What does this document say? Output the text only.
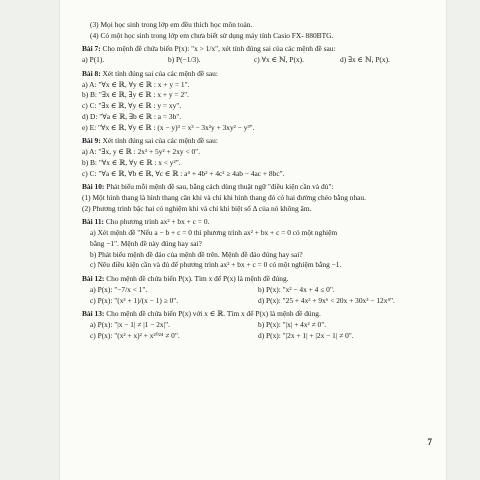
(3) Mọi học sinh trong lớp em đều thích học môn toán.
(4) Có một học sinh trong lớp em chưa biết sử dụng máy tính Casio FX- 880BTG.
Bài 7: Cho mệnh đề chứa biến P(x): "x > 1/x", xét tính đúng sai của các mệnh đề sau:
a) P(1).	b) P(−1/3).	c) ∀x ∈ ℕ, P(x).	d) ∃x ∈ ℕ, P(x).
Bài 8: Xét tính đúng sai của các mệnh đề sau:
a) A: "∀x ∈ ℝ, ∀y ∈ ℝ : x + y = 1".
b) B: "∃x ∈ ℝ, ∃y ∈ ℝ : x + y = 2".
c) C: "∃x ∈ ℝ, ∀y ∈ ℝ : y = xy".
d) D: "∀a ∈ ℝ, ∃b ∈ ℝ : a = 3b".
e) E: "∀x ∈ ℝ, ∀y ∈ ℝ : (x − y)³ = x³ − 3x²y + 3xy² − y³".
Bài 9: Xét tính đúng sai của các mệnh đề sau:
a) A: "∃x, y ∈ ℝ : 2x² + 5y² + 2xy < 0".
b) B: "∀x ∈ ℝ, ∀y ∈ ℝ : x < y²".
c) C: "∀a ∈ ℝ, ∀b ∈ ℝ, ∀c ∈ ℝ : a⁴ + 4b² + 4c² ≥ 4ab − 4ac + 8bc".
Bài 10: Phát biểu mỗi mệnh đề sau, bằng cách dùng thuật ngữ "điều kiện cần và đủ":
(1) Một hình thang là hình thang cân khi và chỉ khi hình thang đó có hai đường chéo bằng nhau.
(2) Phương trình bậc hai có nghiệm khi và chỉ khi biệt số Δ của nó không âm.
Bài 11: Cho phương trình ax² + bx + c = 0.
a) Xét mệnh đề "Nếu a − b + c = 0 thì phương trình ax² + bx + c = 0 có một nghiệm
bằng −1". Mệnh đề này đúng hay sai?
b) Phát biểu mệnh đề đảo của mệnh đề trên. Mệnh đề đảo đúng hay sai?
c) Nêu điều kiện cần và đủ để phương trình ax² + bx + c = 0 có một nghiệm bằng −1.
Bài 12: Cho mệnh đề chứa biến P(x). Tìm x để P(x) là mệnh đề đúng.
a) P(x): "−7/x < 1".	b) P(x): "x² − 4x + 4 ≤ 0".
c) P(x): "(x² + 1)/(x − 1) ≥ 0".	d) P(x): "25 + 4x² + 9x⁶ < 20x + 30x³ − 12x⁴".
Bài 13: Cho mệnh đề chứa biến P(x) với x ∈ ℝ. Tìm x để P(x) là mệnh đề đúng.
a) P(x): "|x − 1| ≠ |1 − 2x|".	b) P(x): "|x| + 4x² ≠ 0".
c) P(x): "(x² + x)² + x²⁰²⁴ ≠ 0".	d) P(x): "|2x + 1| + |2x − 1| ≠ 0".
7
